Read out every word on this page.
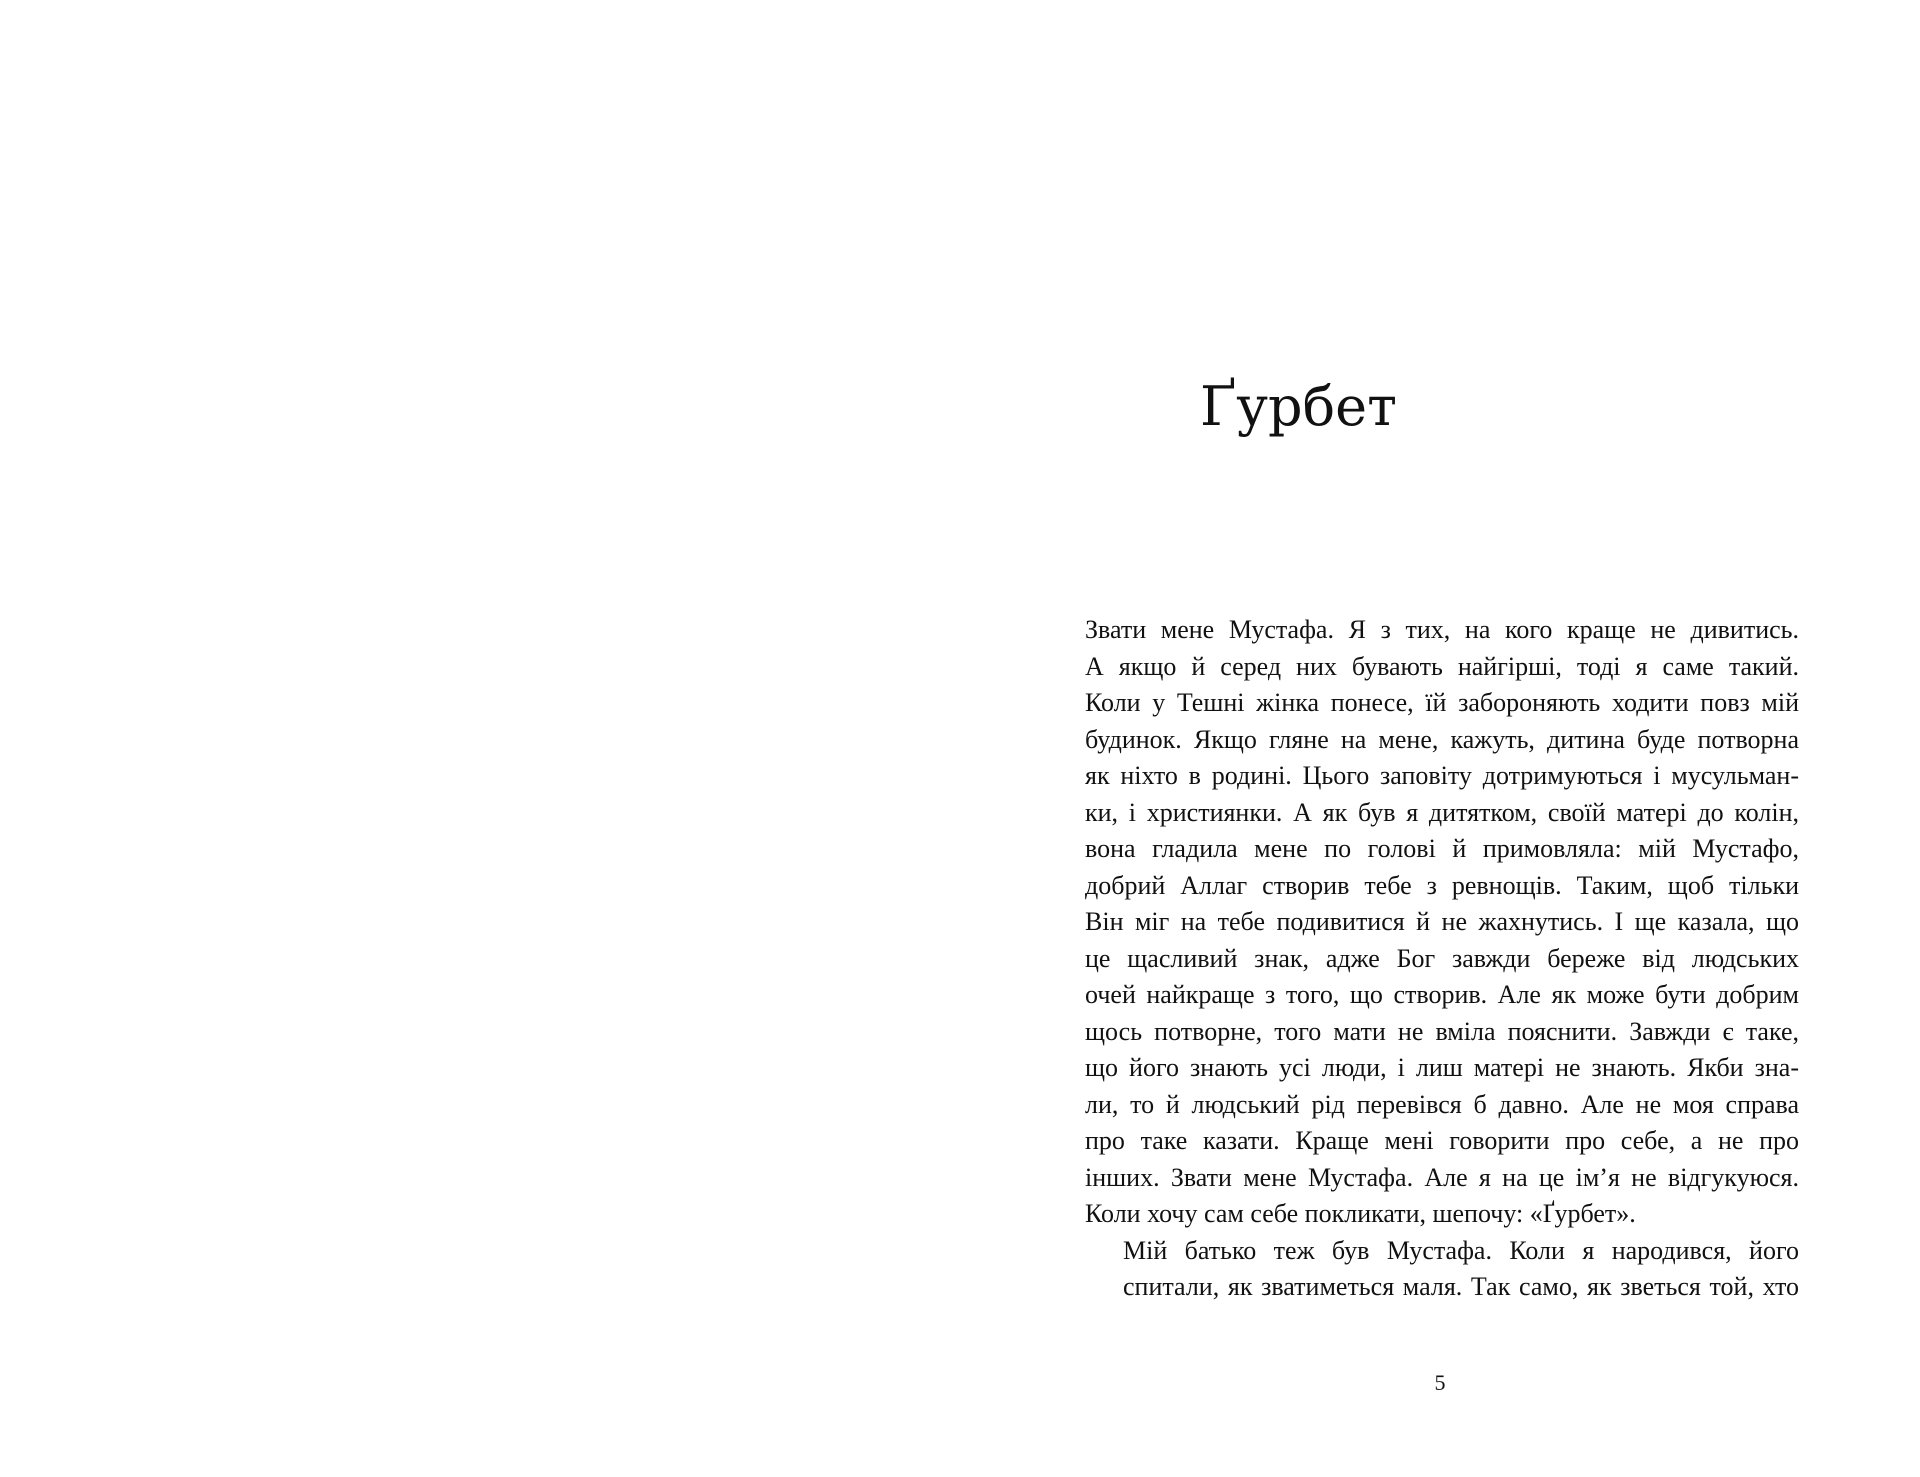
Ґурбет

Звати мене Мустафа. Я з тих, на кого краще не дивитись.
А якщо й серед них бувають найгірші, тоді я саме такий.
Коли у Тешні жінка понесе, їй забороняють ходити повз мій
будинок. Якщо гляне на мене, кажуть, дитина буде потворна
як ніхто в родині. Цього заповіту дотримуються і мусульман-
ки, і християнки. А як був я дитятком, своїй матері до колін,
вона гладила мене по голові й примовляла: мій Мустафо,
добрий Аллаг створив тебе з ревнощів. Таким, щоб тільки
Він міг на тебе подивитися й не жахнутись. І ще казала, що
це щасливий знак, адже Бог завжди береже від людських
очей найкраще з того, що створив. Але як може бути добрим
щось потворне, того мати не вміла пояснити. Завжди є таке,
що його знають усі люди, і лиш матері не знають. Якби зна-
ли, то й людський рід перевівся б давно. Але не моя справа
про таке казати. Краще мені говорити про себе, а не про
інших. Звати мене Мустафа. Але я на це ім’я не відгукуюся.
Коли хочу сам себе покликати, шепочу: «Ґурбет».

Мій батько теж був Мустафа. Коли я народився, його
спитали, як зватиметься маля. Так само, як зветься той, хто

5
